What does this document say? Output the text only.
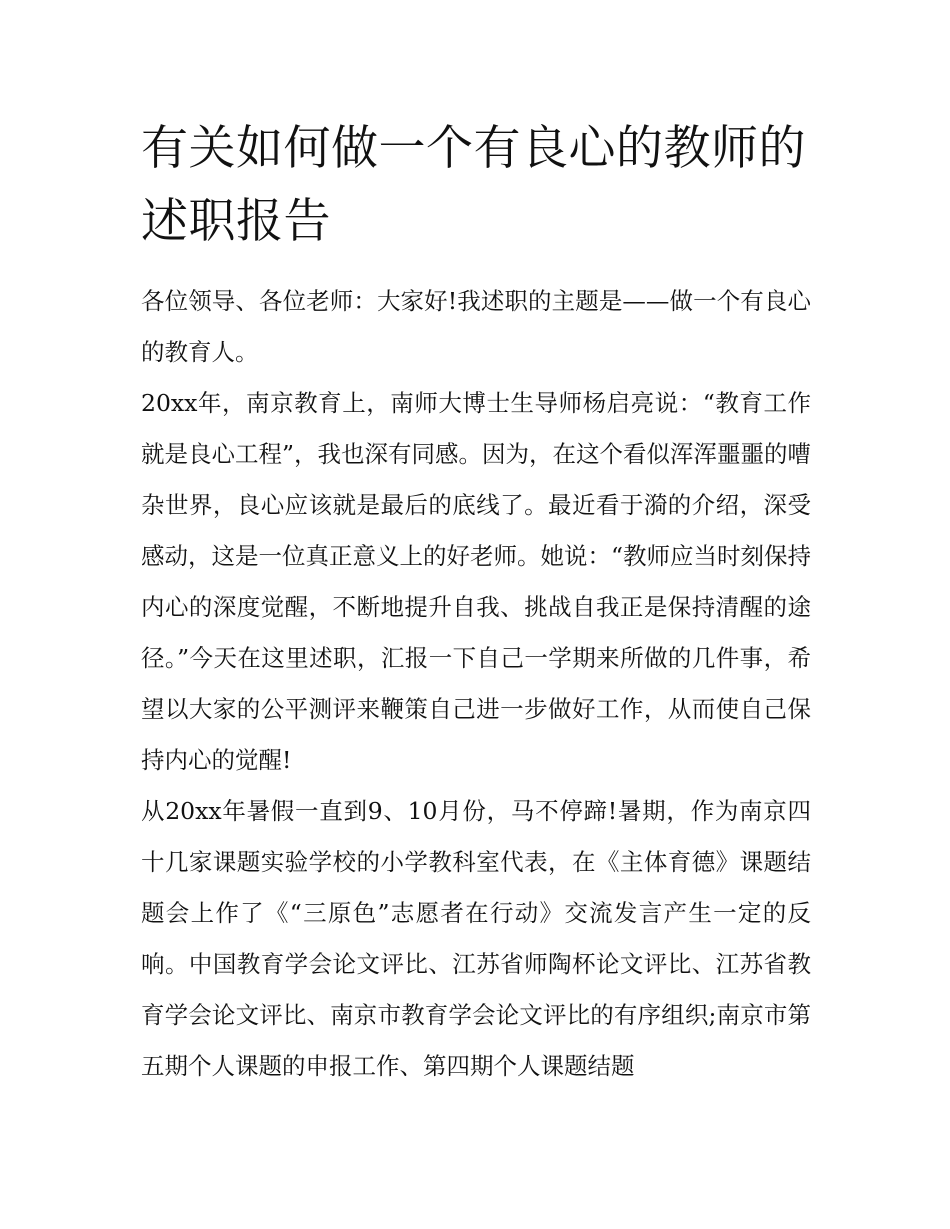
有关如何做一个有良心的教师的述职报告

各位领导、各位老师：大家好!我述职的主题是——做一个有良心的教育人。

20xx年，南京教育上，南师大博士生导师杨启亮说：“教育工作就是良心工程”，我也深有同感。因为，在这个看似浑浑噩噩的嘈杂世界，良心应该就是最后的底线了。最近看于漪的介绍，深受感动，这是一位真正意义上的好老师。她说：“教师应当时刻保持内心的深度觉醒，不断地提升自我、挑战自我正是保持清醒的途径。”今天在这里述职，汇报一下自己一学期来所做的几件事，希望以大家的公平测评来鞭策自己进一步做好工作，从而使自己保持内心的觉醒!

从20xx年暑假一直到9、10月份，马不停蹄!暑期，作为南京四十几家课题实验学校的小学教科室代表，在《主体育德》课题结题会上作了《“三原色”志愿者在行动》交流发言产生一定的反响。中国教育学会论文评比、江苏省师陶杯论文评比、江苏省教育学会论文评比、南京市教育学会论文评比的有序组织;南京市第五期个人课题的申报工作、第四期个人课题结题
